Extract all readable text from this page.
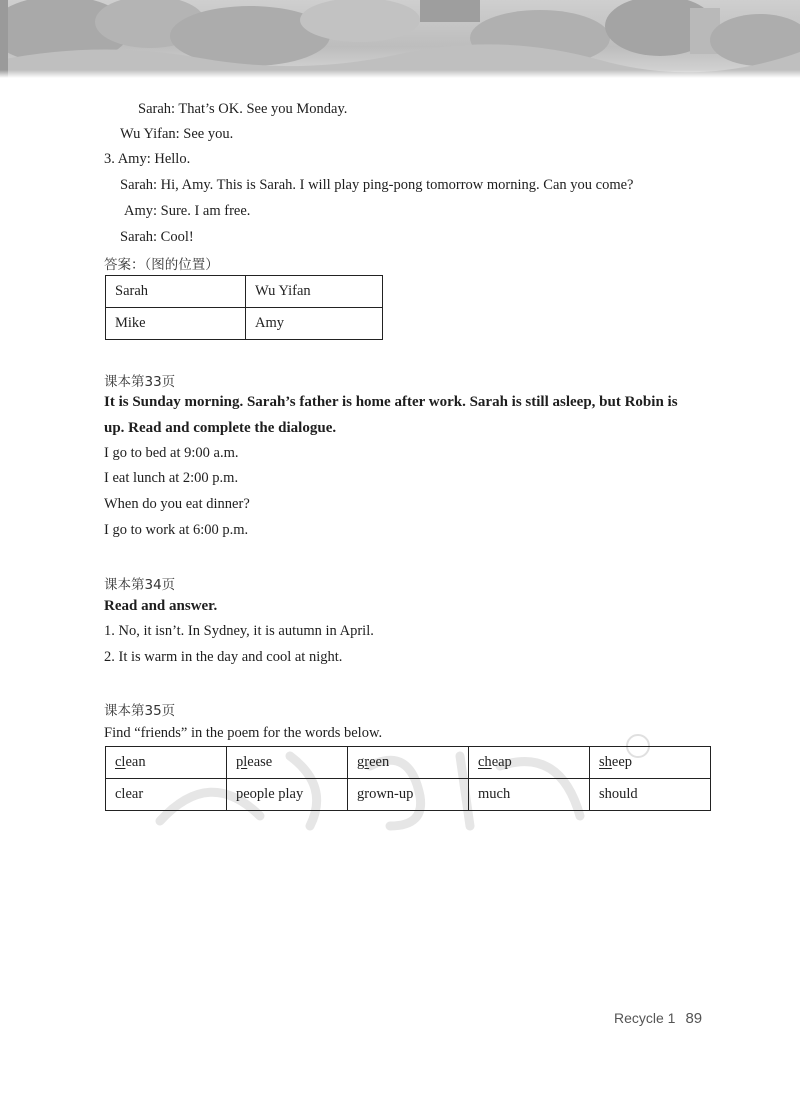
Sarah: That’s OK. See you Monday.
Wu Yifan: See you.
3. Amy: Hello.
Sarah: Hi, Amy. This is Sarah. I will play ping-pong tomorrow morning. Can you come?
Amy: Sure. I am free.
Sarah: Cool!
答案：（图的位置）
Sarah	Wu Yifan
Mike	Amy
课本第33页
It is Sunday morning. Sarah’s father is home after work. Sarah is still asleep, but Robin is
up. Read and complete the dialogue.
I go to bed at 9:00 a.m.
I eat lunch at 2:00 p.m.
When do you eat dinner?
I go to work at 6:00 p.m.
课本第34页
Read and answer.
1. No, it isn’t. In Sydney, it is autumn in April.
2. It is warm in the day and cool at night.
课本第35页
Find “friends” in the poem for the words below.
clean	please	green	cheap	sheep
clear	people play	grown-up	much	should
Recycle 1 89
